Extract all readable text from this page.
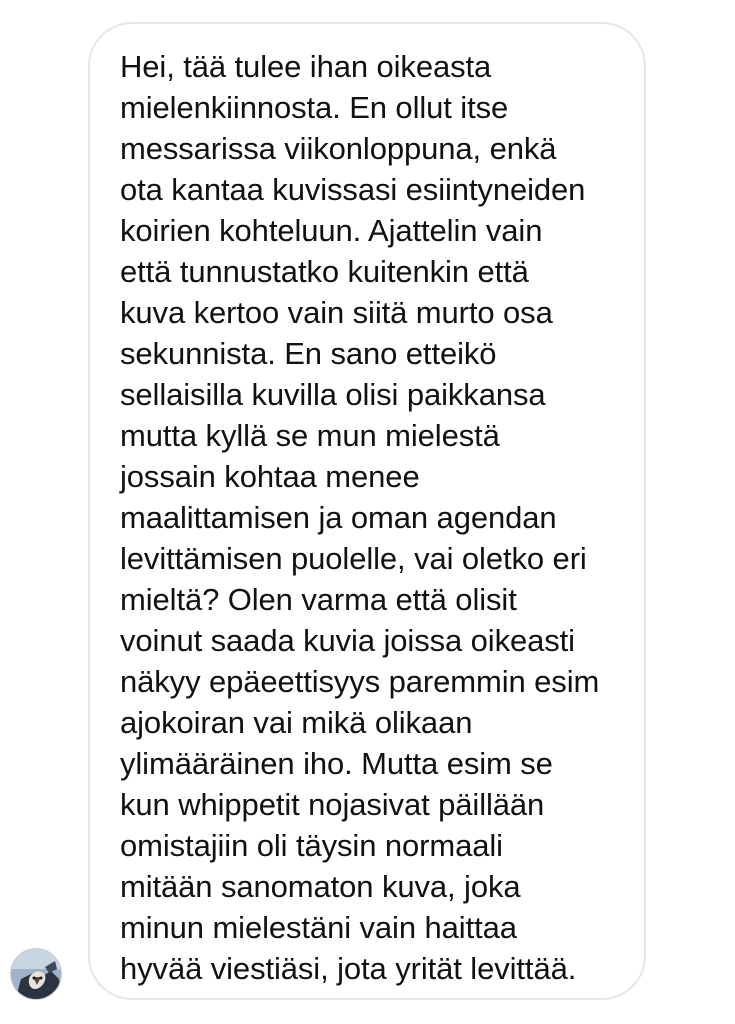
Hei, tää tulee ihan oikeasta
mielenkiinnosta. En ollut itse
messarissa viikonloppuna, enkä
ota kantaa kuvissasi esiintyneiden
koirien kohteluun. Ajattelin vain
että tunnustatko kuitenkin että
kuva kertoo vain siitä murto osa
sekunnista. En sano etteikö
sellaisilla kuvilla olisi paikkansa
mutta kyllä se mun mielestä
jossain kohtaa menee
maalittamisen ja oman agendan
levittämisen puolelle, vai oletko eri
mieltä? Olen varma että olisit
voinut saada kuvia joissa oikeasti
näkyy epäeettisyys paremmin esim
ajokoiran vai mikä olikaan
ylimääräinen iho. Mutta esim se
kun whippetit nojasivat päillään
omistajiin oli täysin normaali
mitään sanomaton kuva, joka
minun mielestäni vain haittaa
hyvää viestiäsi, jota yrität levittää.
